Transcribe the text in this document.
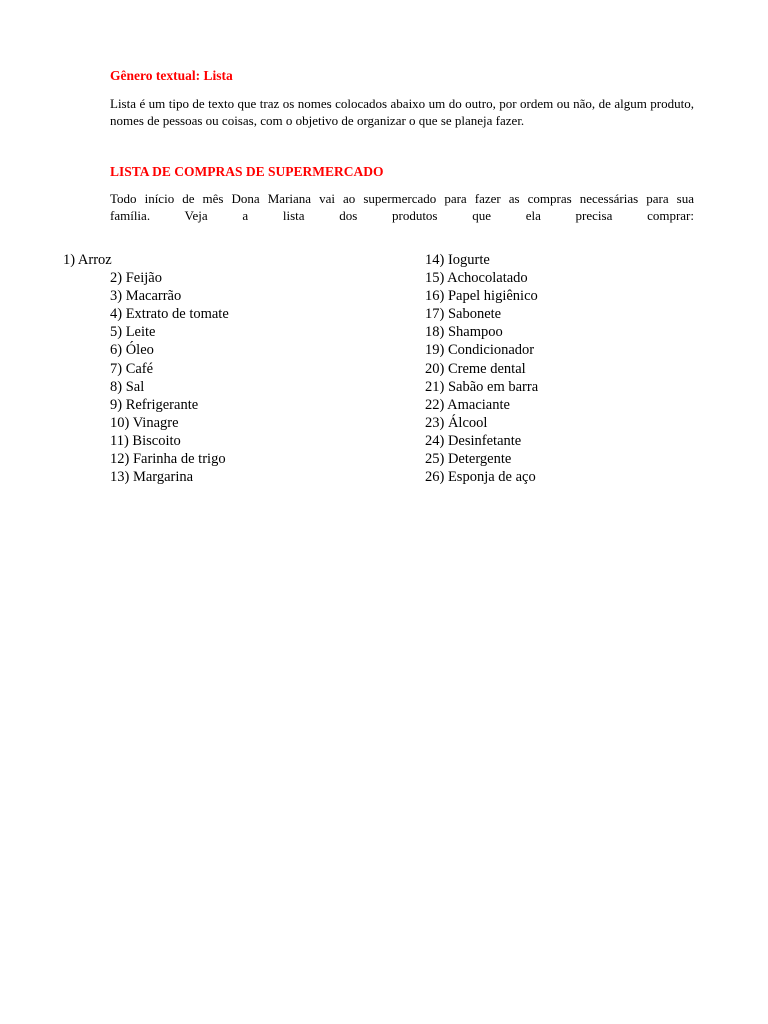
Gênero textual: Lista

Lista é um tipo de texto que traz os nomes colocados abaixo um do outro, por ordem ou não, de algum produto, nomes de pessoas ou coisas, com o objetivo de organizar o que se planeja fazer.

LISTA DE COMPRAS DE SUPERMERCADO

Todo início de mês Dona Mariana vai ao supermercado para fazer as compras necessárias para sua

família. Veja a lista dos produtos que ela precisa comprar:

1) Arroz
2) Feijão
3) Macarrão
4) Extrato de tomate
5) Leite
6) Óleo
7) Café
8) Sal
9) Refrigerante
10) Vinagre
11) Biscoito
12) Farinha de trigo
13) Margarina
14) Iogurte
15) Achocolatado
16) Papel higiênico
17) Sabonete
18) Shampoo
19) Condicionador
20) Creme dental
21) Sabão em barra
22) Amaciante
23) Álcool
24) Desinfetante
25) Detergente
26) Esponja de aço
